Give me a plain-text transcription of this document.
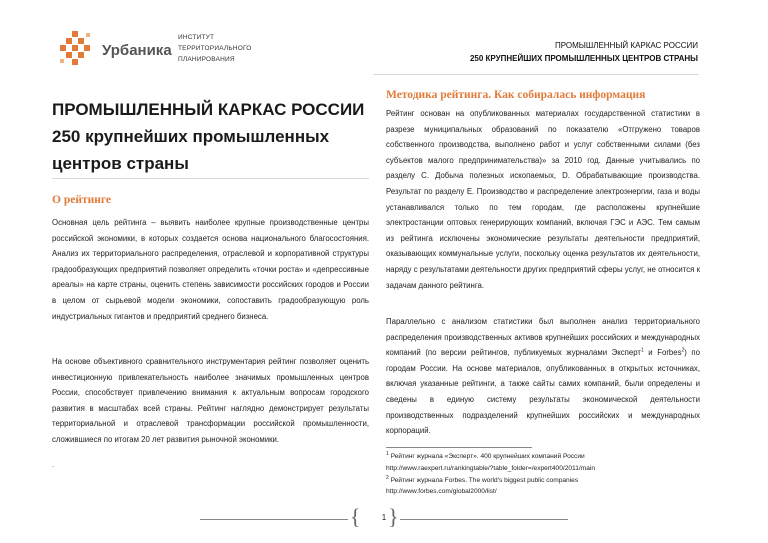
Урбаника
ИНСТИТУТ
ТЕРРИТОРИАЛЬНОГО
ПЛАНИРОВАНИЯ
ПРОМЫШЛЕННЫЙ КАРКАС РОССИИ
250 КРУПНЕЙШИХ ПРОМЫШЛЕННЫХ ЦЕНТРОВ СТРАНЫ
ПРОМЫШЛЕННЫЙ КАРКАС РОССИИ
250 крупнейших промышленных центров страны
О рейтинге
Основная цель рейтинга – выявить наиболее крупные производственные центры российской экономики, в которых создается основа национального благосостояния. Анализ их территориального распределения, отраслевой и корпоративной структуры градообразующих предприятий позволяет определить «точки роста» и «депрессивные ареалы» на карте страны, оценить степень зависимости российских городов и России в целом от сырьевой модели экономики, сопоставить градообразующую роль индустриальных гигантов и предприятий среднего бизнеса.
На основе объективного сравнительного инструментария рейтинг позволяет оценить инвестиционную привлекательность наиболее значимых промышленных центров России, способствует привлечению внимания к актуальным вопросам городского развития в масштабах всей страны. Рейтинг наглядно демонстрирует результаты территориальной и отраслевой трансформации российской промышленности, сложившиеся по итогам 20 лет развития рыночной экономики.
.
Методика рейтинга. Как собиралась информация
Рейтинг основан на опубликованных материалах государственной статистики в разрезе муниципальных образований по показателю «Отгружено товаров собственного производства, выполнено работ и услуг собственными силами (без субъектов малого предпринимательства)» за 2010 год. Данные учитывались по разделу С. Добыча полезных ископаемых, D. Обрабатывающие производства. Результат по разделу Е. Производство и распределение электроэнергии, газа и воды устанавливался только по тем городам, где расположены крупнейшие электростанции оптовых генерирующих компаний, включая ГЭС и АЭС. Тем самым из рейтинга исключены экономические результаты деятельности предприятий, оказывающих коммунальные услуги, поскольку оценка результатов их деятельности, наряду с результатами деятельности других предприятий сферы услуг, не относится к задачам данного рейтинга.
Параллельно с анализом статистики был выполнен анализ территориального распределения производственных активов крупнейших российских и международных компаний (по версии рейтингов, публикуемых журналами Эксперт$^1$ и Forbes$^2$) по городам России. На основе материалов, опубликованных в открытых источниках, включая указанные рейтинги, а также сайты самих компаний, были определены и сведены в единую систему результаты экономической деятельности производственных подразделений крупнейших российских и международных корпораций.
$^1$ Рейтинг журнала «Эксперт». 400 крупнейших компаний России
http://www.raexpert.ru/rankingtable/?table_folder=/expert400/2011/main
$^2$ Рейтинг журнала Forbes. The world's biggest public companies
http://www.forbes.com/global2000/list/
{	1 }
